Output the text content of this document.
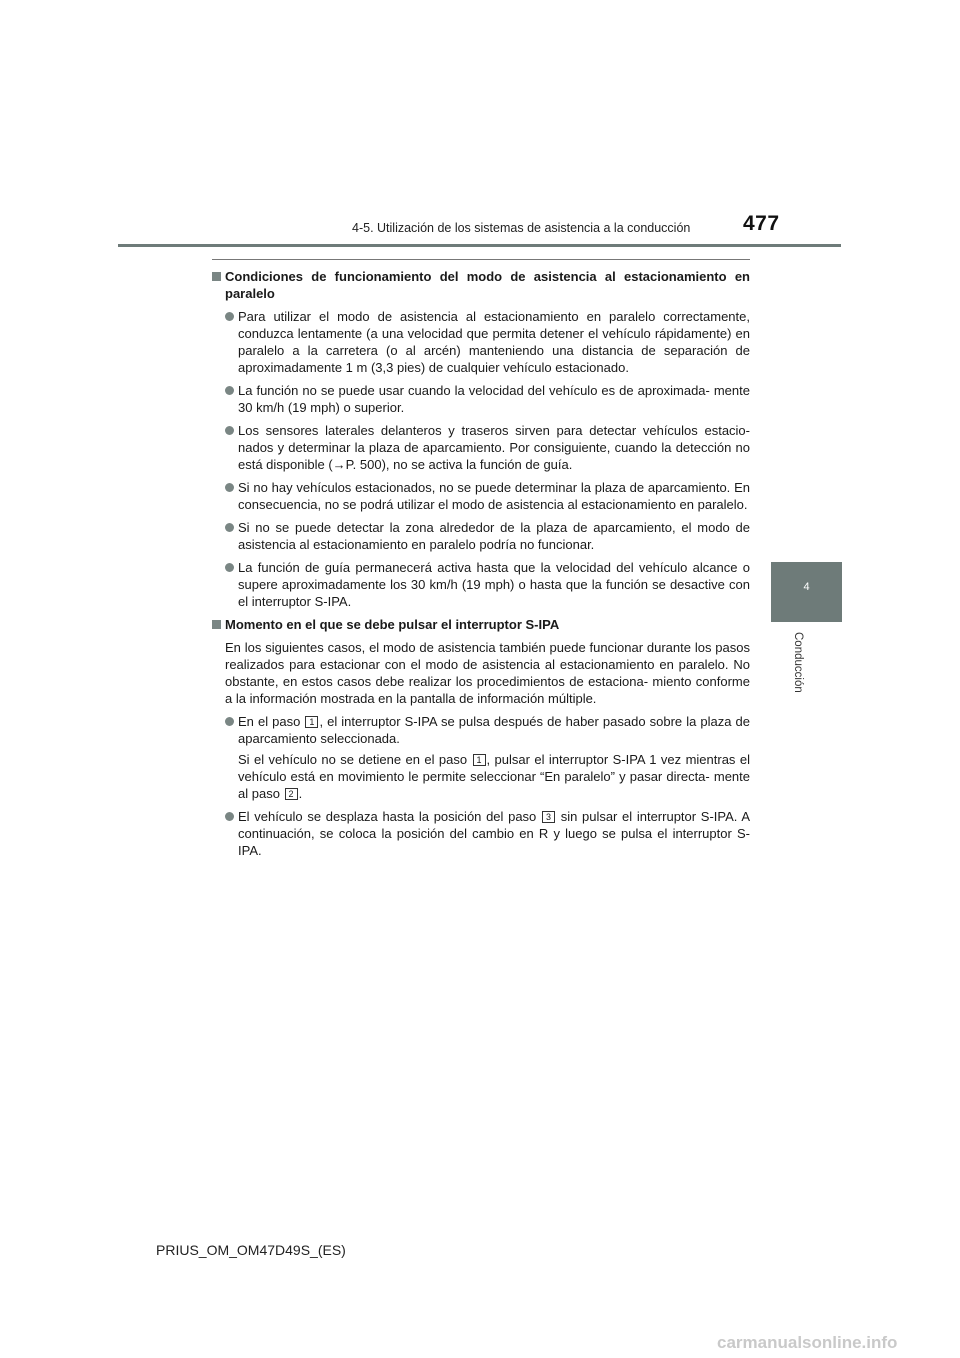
4-5. Utilización de los sistemas de asistencia a la conducción	477
4
Conducción
Condiciones de funcionamiento del modo de asistencia al estacionamiento en paralelo
Para utilizar el modo de asistencia al estacionamiento en paralelo correctamente, conduzca lentamente (a una velocidad que permita detener el vehículo rápidamente) en paralelo a la carretera (o al arcén) manteniendo una distancia de separación de aproximadamente 1 m (3,3 pies) de cualquier vehículo estacionado.
La función no se puede usar cuando la velocidad del vehículo es de aproximada- mente 30 km/h (19 mph) o superior.
Los sensores laterales delanteros y traseros sirven para detectar vehículos estacio- nados y determinar la plaza de aparcamiento. Por consiguiente, cuando la detección no está disponible (→P. 500), no se activa la función de guía.
Si no hay vehículos estacionados, no se puede determinar la plaza de aparcamiento. En consecuencia, no se podrá utilizar el modo de asistencia al estacionamiento en paralelo.
Si no se puede detectar la zona alrededor de la plaza de aparcamiento, el modo de asistencia al estacionamiento en paralelo podría no funcionar.
La función de guía permanecerá activa hasta que la velocidad del vehículo alcance o supere aproximadamente los 30 km/h (19 mph) o hasta que la función se desactive con el interruptor S-IPA.
Momento en el que se debe pulsar el interruptor S-IPA
En los siguientes casos, el modo de asistencia también puede funcionar durante los pasos realizados para estacionar con el modo de asistencia al estacionamiento en paralelo. No obstante, en estos casos debe realizar los procedimientos de estaciona- miento conforme a la información mostrada en la pantalla de información múltiple.
En el paso 1 , el interruptor S-IPA se pulsa después de haber pasado sobre la plaza de aparcamiento seleccionada.
Si el vehículo no se detiene en el paso 1 , pulsar el interruptor S-IPA 1 vez mientras el vehículo está en movimiento le permite seleccionar “En paralelo” y pasar directa- mente al paso 2 .
El vehículo se desplaza hasta la posición del paso 3 sin pulsar el interruptor S-IPA. A continuación, se coloca la posición del cambio en R y luego se pulsa el interruptor S-IPA.
PRIUS_OM_OM47D49S_(ES)
carmanualsonline.info
